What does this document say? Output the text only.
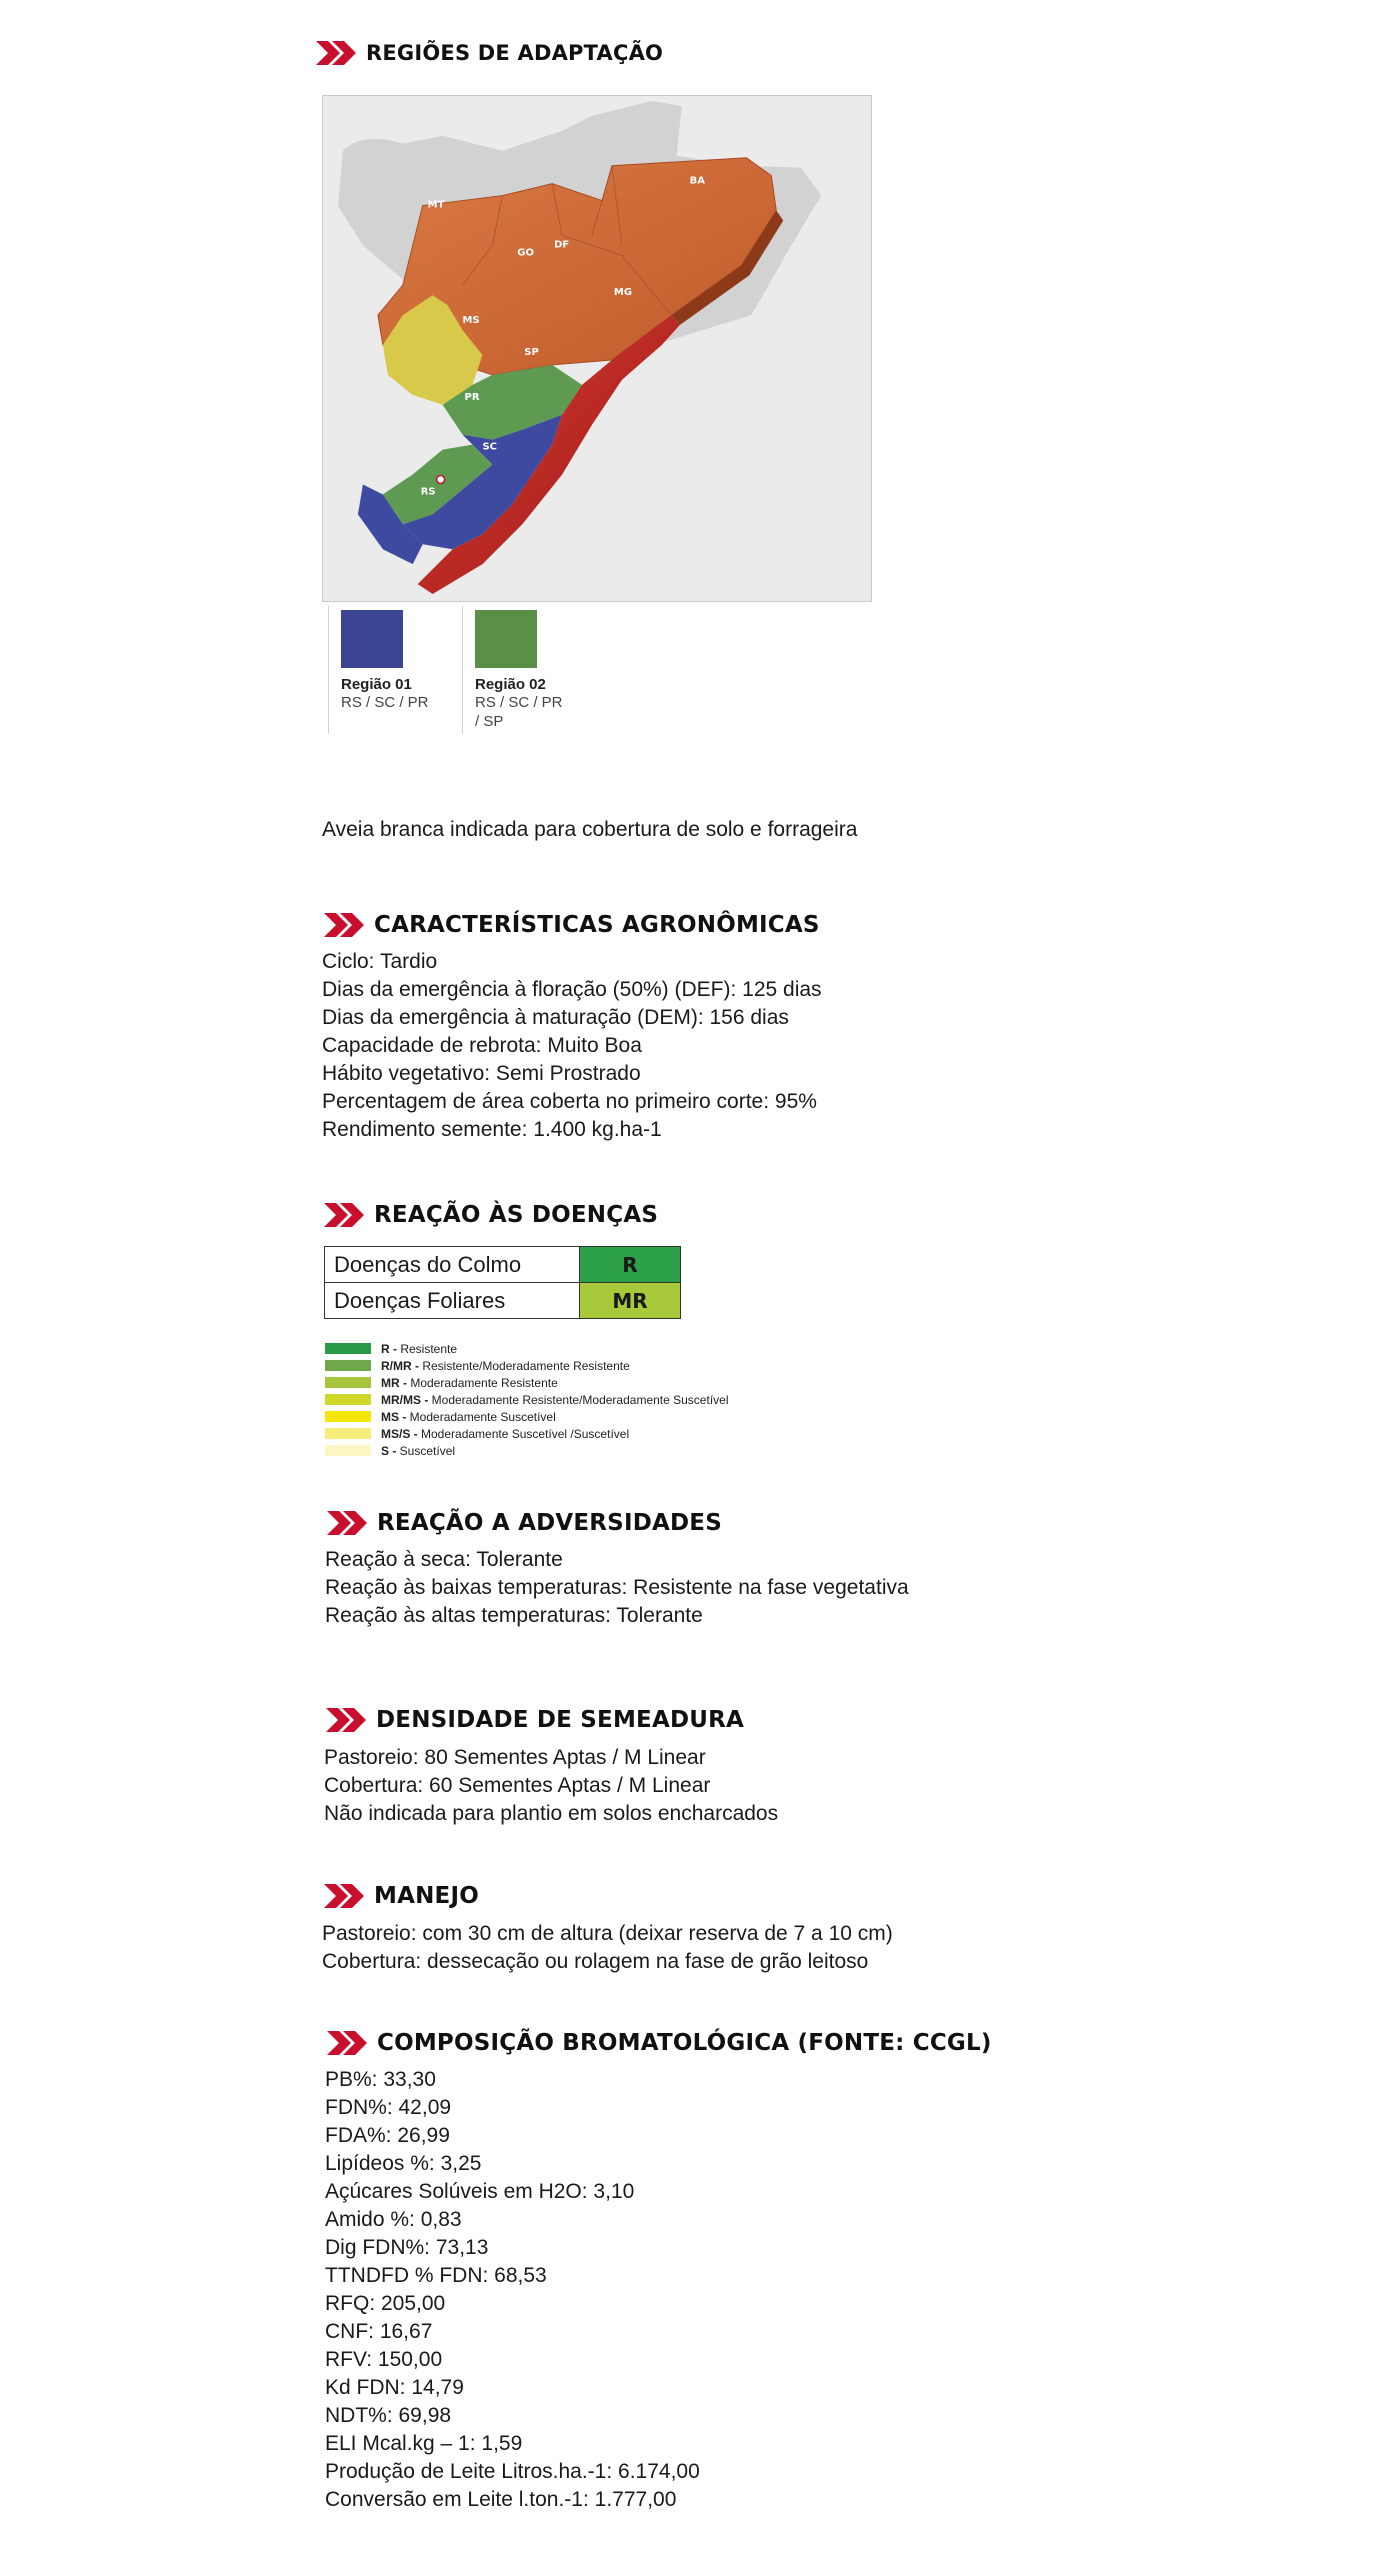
REGIÕES DE ADAPTAÇÃO
MT
BA
GO
DF
MG
MS
SP
PR
SC
RS
Região 01
RS / SC / PR
Região 02
RS / SC / PR
/ SP
Aveia branca indicada para cobertura de solo e forrageira
CARACTERÍSTICAS AGRONÔMICAS
Ciclo: Tardio
Dias da emergência à floração (50%) (DEF): 125 dias
Dias da emergência à maturação (DEM): 156 dias
Capacidade de rebrota: Muito Boa
Hábito vegetativo: Semi Prostrado
Percentagem de área coberta no primeiro corte: 95%
Rendimento semente: 1.400 kg.ha-1
REAÇÃO ÀS DOENÇAS
Doenças do Colmo	R
Doenças Foliares	MR
R - Resistente
R/MR - Resistente/Moderadamente Resistente
MR - Moderadamente Resistente
MR/MS - Moderadamente Resistente/Moderadamente Suscetível
MS - Moderadamente Suscetível
MS/S - Moderadamente Suscetível /Suscetível
S - Suscetível
REAÇÃO A ADVERSIDADES
Reação à seca: Tolerante
Reação às baixas temperaturas: Resistente na fase vegetativa
Reação às altas temperaturas: Tolerante
DENSIDADE DE SEMEADURA
Pastoreio: 80 Sementes Aptas / M Linear
Cobertura: 60 Sementes Aptas / M Linear
Não indicada para plantio em solos encharcados
MANEJO
Pastoreio: com 30 cm de altura (deixar reserva de 7 a 10 cm)
Cobertura: dessecação ou rolagem na fase de grão leitoso
COMPOSIÇÃO BROMATOLÓGICA (FONTE: CCGL)
PB%: 33,30
FDN%: 42,09
FDA%: 26,99
Lipídeos %: 3,25
Açúcares Solúveis em H2O: 3,10
Amido %: 0,83
Dig FDN%: 73,13
TTNDFD % FDN: 68,53
RFQ: 205,00
CNF: 16,67
RFV: 150,00
Kd FDN: 14,79
NDT%: 69,98
ELI Mcal.kg – 1: 1,59
Produção de Leite Litros.ha.-1: 6.174,00
Conversão em Leite l.ton.-1: 1.777,00
